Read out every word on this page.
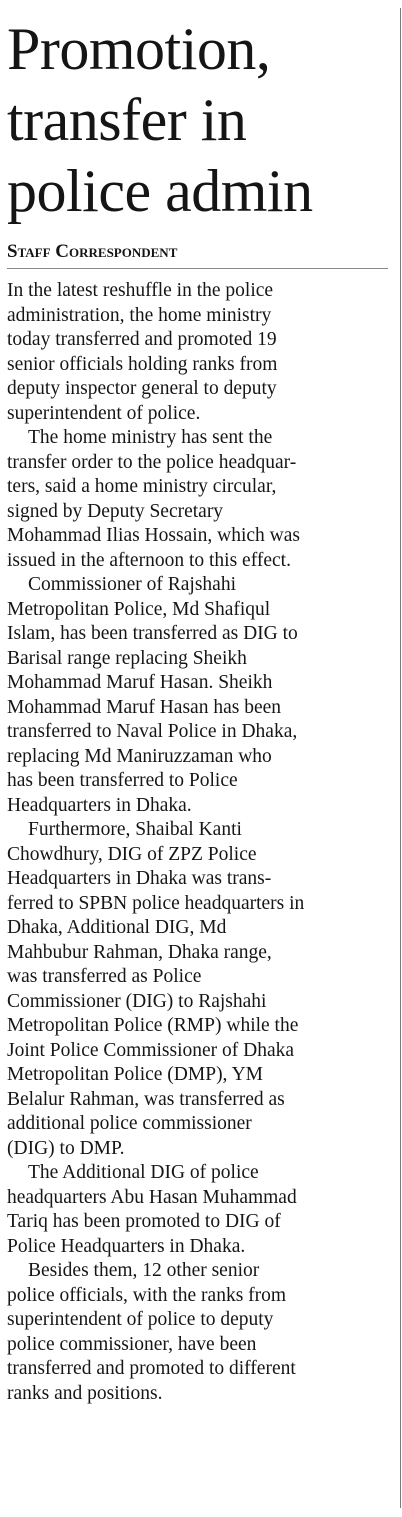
Promotion,
transfer in
police admin
Staff Correspondent

In the latest reshuffle in the police
administration, the home ministry
today transferred and promoted 19
senior officials holding ranks from
deputy inspector general to deputy
superintendent of police.

The home ministry has sent the
transfer order to the police headquar-
ters, said a home ministry circular,
signed by Deputy Secretary
Mohammad Ilias Hossain, which was
issued in the afternoon to this effect.

Commissioner of Rajshahi
Metropolitan Police, Md Shafiqul
Islam, has been transferred as DIG to
Barisal range replacing Sheikh
Mohammad Maruf Hasan. Sheikh
Mohammad Maruf Hasan has been
transferred to Naval Police in Dhaka,
replacing Md Maniruzzaman who
has been transferred to Police
Headquarters in Dhaka.

Furthermore, Shaibal Kanti
Chowdhury, DIG of ZPZ Police
Headquarters in Dhaka was trans-
ferred to SPBN police headquarters in
Dhaka, Additional DIG, Md
Mahbubur Rahman, Dhaka range,
was transferred as Police
Commissioner (DIG) to Rajshahi
Metropolitan Police (RMP) while the
Joint Police Commissioner of Dhaka
Metropolitan Police (DMP), YM
Belalur Rahman, was transferred as
additional police commissioner
(DIG) to DMP.

The Additional DIG of police
headquarters Abu Hasan Muhammad
Tariq has been promoted to DIG of
Police Headquarters in Dhaka.

Besides them, 12 other senior
police officials, with the ranks from
superintendent of police to deputy
police commissioner, have been
transferred and promoted to different
ranks and positions.
